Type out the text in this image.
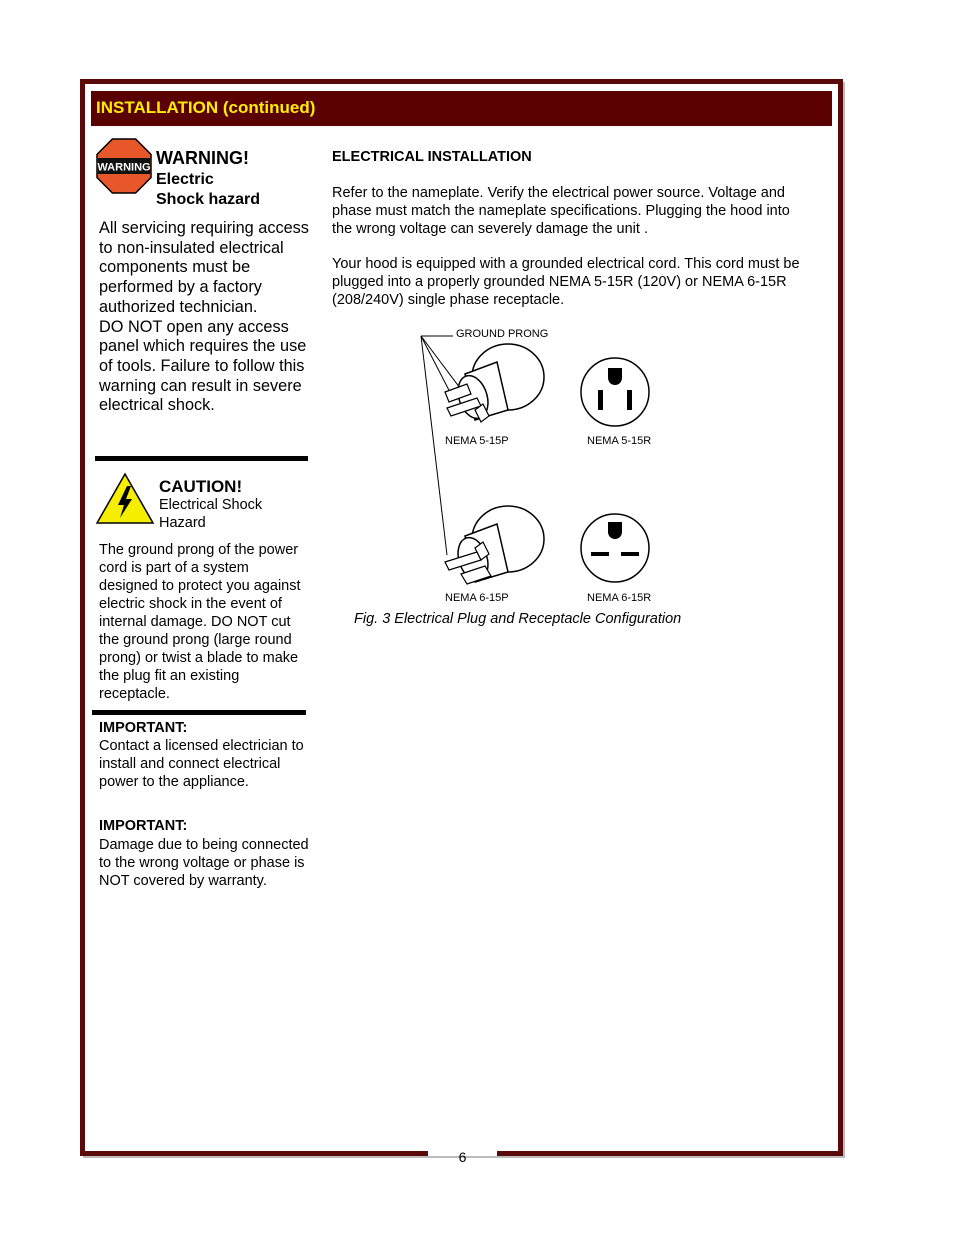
6
INSTALLATION (continued)
WARNING WARNING!
Electric
Shock hazard
All servicing requiring access to non-insulated electrical components must be performed by a factory authorized technician.
DO NOT open any access panel which requires the use of tools. Failure to follow this warning can result in severe electrical shock.
CAUTION!
Electrical Shock Hazard
The ground prong of the power cord is part of a system designed to protect you against electric shock in the event of internal damage. DO NOT cut the ground prong (large round prong) or twist a blade to make the plug fit an existing receptacle.
IMPORTANT:
Contact a licensed electrician to install and connect electrical power to the appliance.
IMPORTANT:
Damage due to being connected to the wrong voltage or phase is NOT covered by warranty.
ELECTRICAL INSTALLATION
Refer to the nameplate. Verify the electrical power source. Voltage and phase must match the nameplate specifications. Plugging the hood into the wrong voltage can severely damage the unit .
Your hood is equipped with a grounded electrical cord. This cord must be plugged into a properly grounded NEMA 5-15R (120V) or NEMA 6-15R (208/240V) single phase receptacle.
GROUND PRONG
NEMA 5-15P	NEMA 5-15R
NEMA 6-15P	NEMA 6-15R
Fig. 3 Electrical Plug and Receptacle Configuration
